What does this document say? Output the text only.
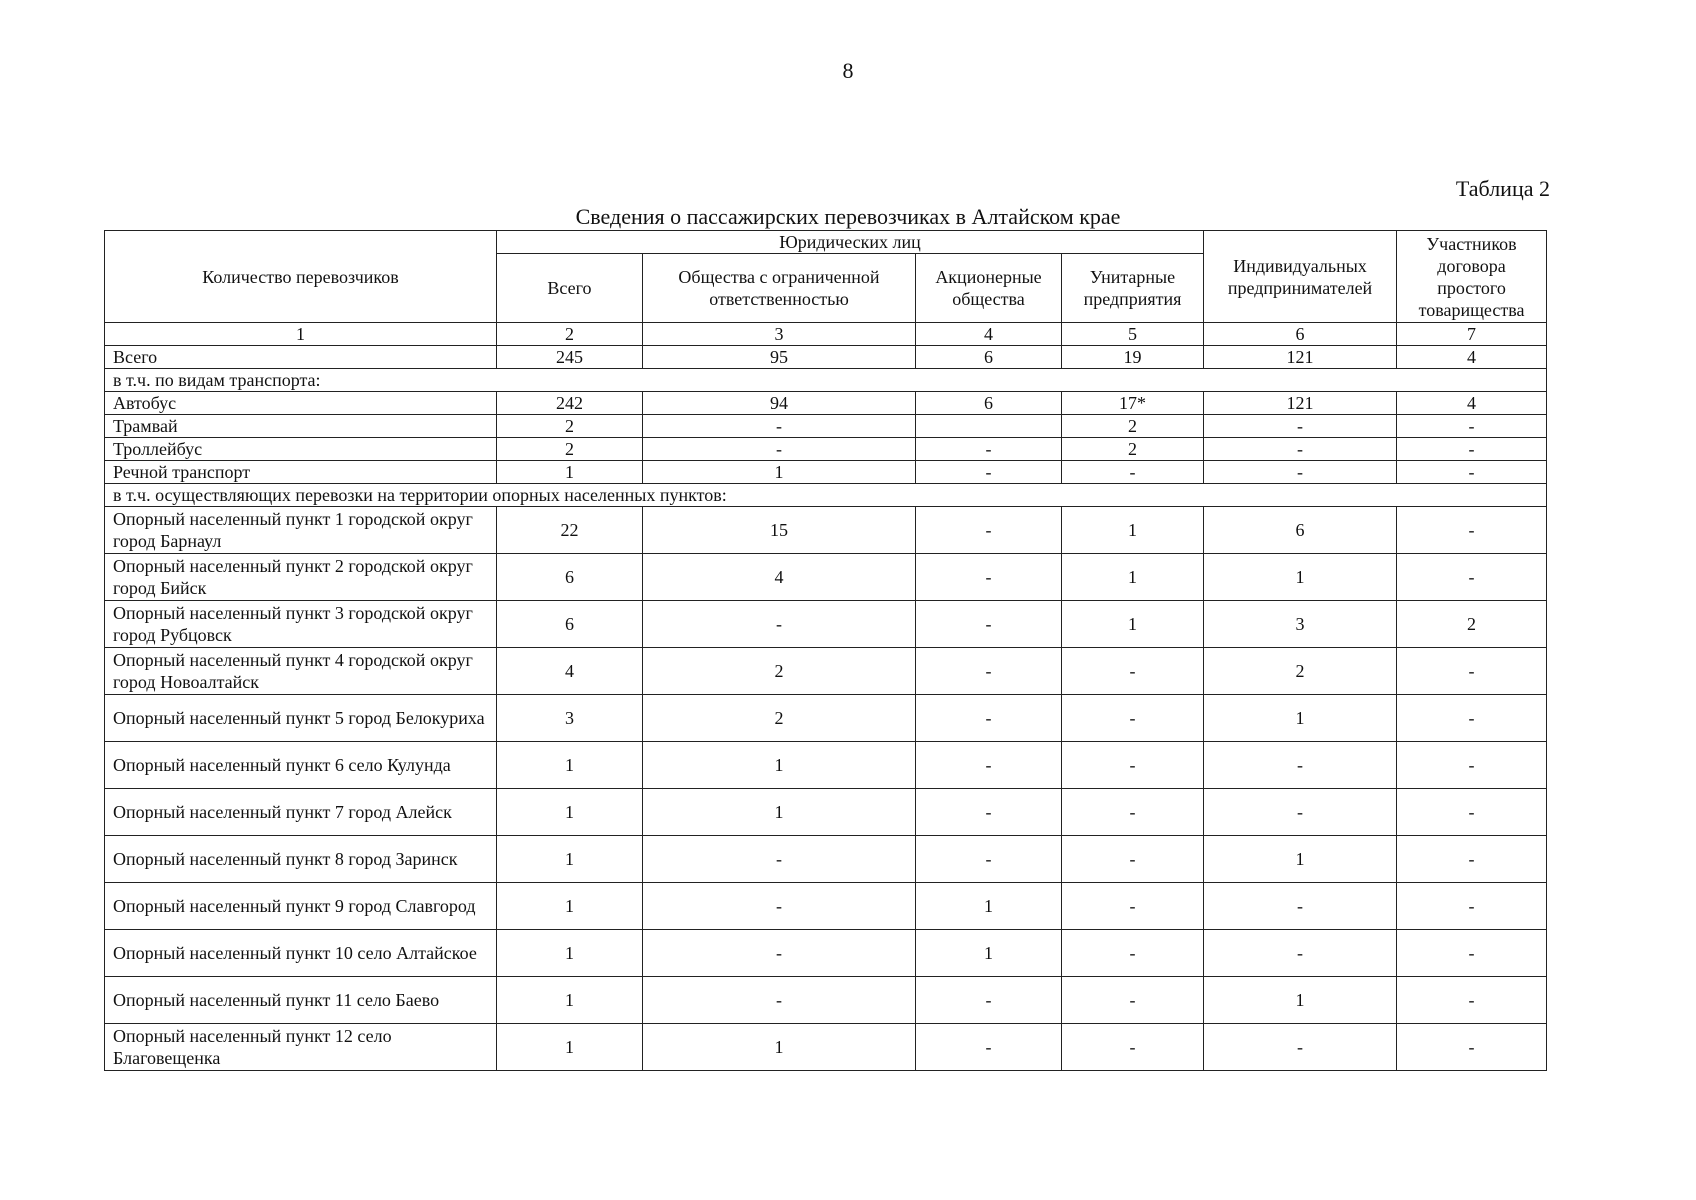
8
Таблица 2
Сведения о пассажирских перевозчиках в Алтайском крае
Количество перевозчиков	Юридических лиц				Индивидуальных предпринимателей	Участников договора простого товарищества
	Всего	Общества с ограниченной ответственностью	Акционерные общества	Унитарные предприятия		
1	2	3	4	5	6	7
Всего	245	95	6	19	121	4
в т.ч. по видам транспорта:						
Автобус	242	94	6	17*	121	4
Трамвай	2	-		2	-	-
Троллейбус	2	-	-	2	-	-
Речной транспорт	1	1	-	-	-	-
в т.ч. осуществляющих перевозки на территории опорных населенных пунктов:						
Опорный населенный пункт 1 городской округ город Барнаул	22	15	-	1	6	-
Опорный населенный пункт 2 городской округ город Бийск	6	4	-	1	1	-
Опорный населенный пункт 3 городской округ город Рубцовск	6	-	-	1	3	2
Опорный населенный пункт 4 городской округ город Новоалтайск	4	2	-	-	2	-
Опорный населенный пункт 5 город Белокуриха	3	2	-	-	1	-
Опорный населенный пункт 6 село Кулунда	1	1	-	-	-	-
Опорный населенный пункт 7 город Алейск	1	1	-	-	-	-
Опорный населенный пункт 8 город Заринск	1	-	-	-	1	-
Опорный населенный пункт 9 город Славгород	1	-	1	-	-	-
Опорный населенный пункт 10 село Алтайское	1	-	1	-	-	-
Опорный населенный пункт 11 село Баево	1	-	-	-	1	-
Опорный населенный пункт 12 село Благовещенка	1	1	-	-	-	-
